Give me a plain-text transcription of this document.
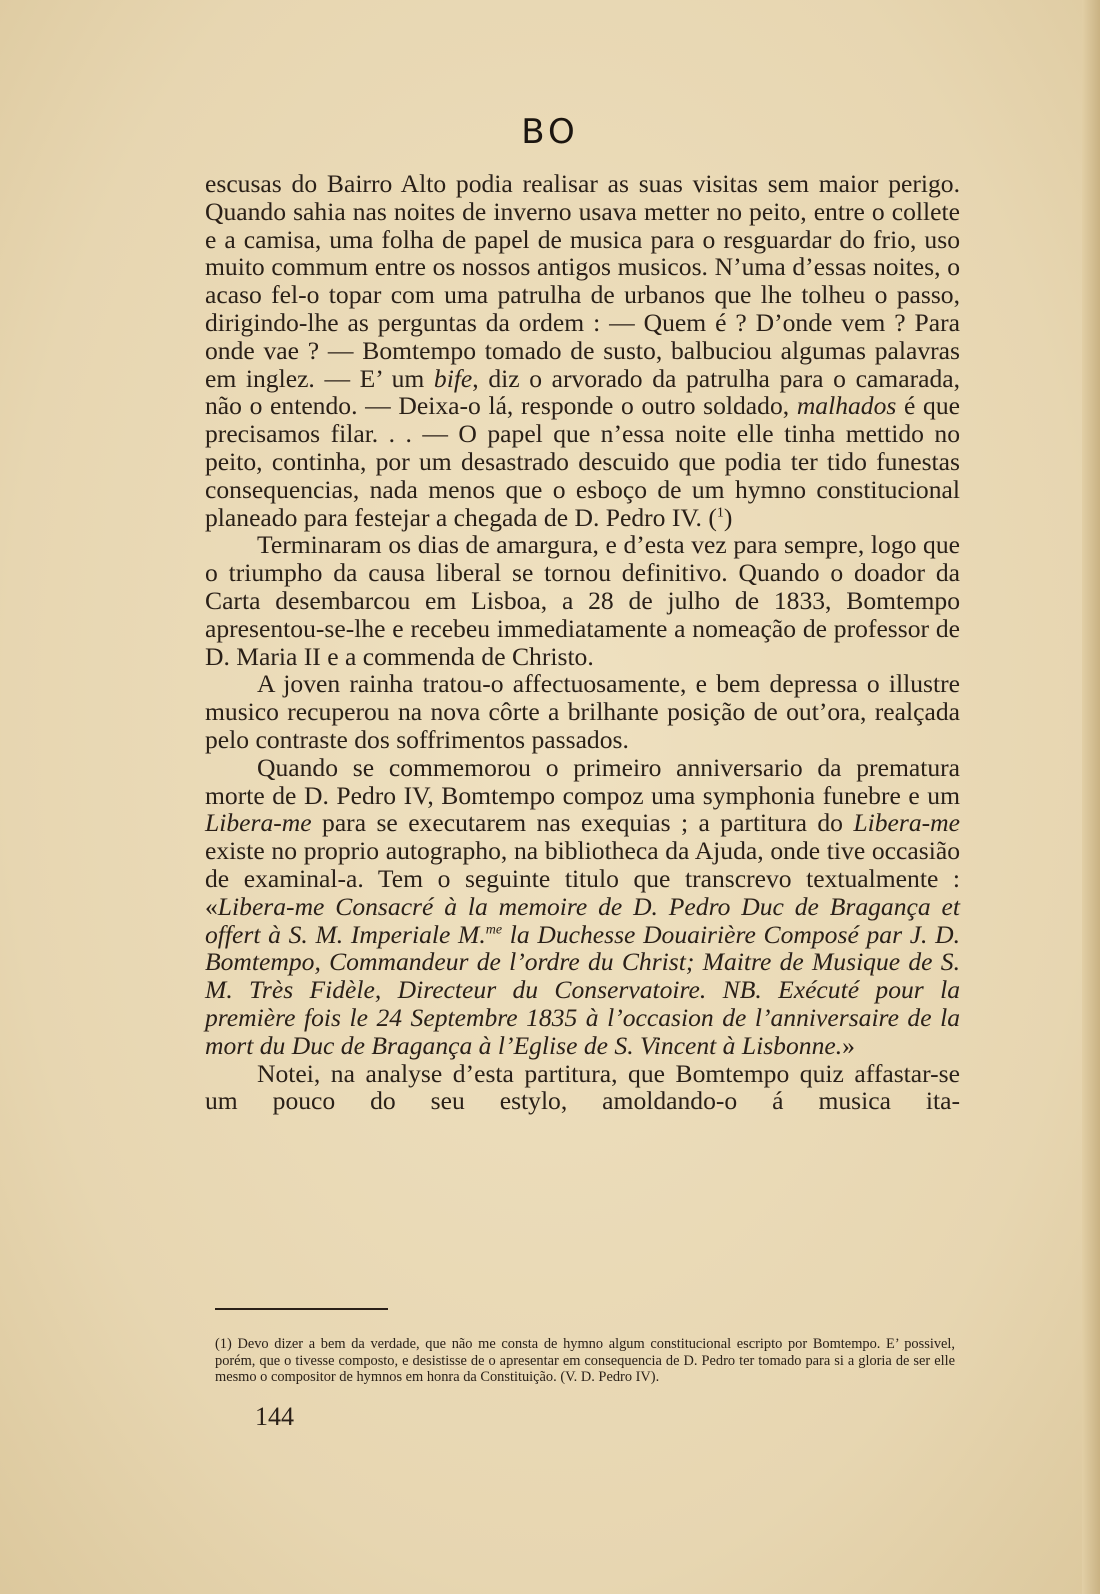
BO

escusas do Bairro Alto podia realisar as suas visitas sem maior perigo. Quando sahia nas noites de inverno usava metter no peito, entre o collete e a camisa, uma folha de papel de musica para o resguardar do frio, uso muito commum entre os nossos antigos musicos. N’uma d’essas noites, o acaso fel-o topar com uma patrulha de urbanos que lhe tolheu o passo, dirigindo-lhe as perguntas da ordem : — Quem é ? D’onde vem ? Para onde vae ? — Bomtempo tomado de susto, balbuciou algumas palavras em inglez. — E’ um bife, diz o arvorado da patrulha para o camarada, não o entendo. — Deixa-o lá, responde o outro soldado, malhados é que precisamos filar. . . — O papel que n’essa noite elle tinha mettido no peito, continha, por um desastrado descuido que podia ter tido funestas consequencias, nada menos que o esboço de um hymno constitucional planeado para festejar a chegada de D. Pedro IV. ($^1$)

Terminaram os dias de amargura, e d’esta vez para sempre, logo que o triumpho da causa liberal se tornou definitivo. Quando o doador da Carta desembarcou em Lisboa, a 28 de julho de 1833, Bomtempo apresentou-se-lhe e recebeu immediatamente a nomeação de professor de D. Maria II e a commenda de Christo.

A joven rainha tratou-o affectuosamente, e bem depressa o illustre musico recuperou na nova côrte a brilhante posição de out’ora, realçada pelo contraste dos soffrimentos passados.

Quando se commemorou o primeiro anniversario da prematura morte de D. Pedro IV, Bomtempo compoz uma symphonia funebre e um Libera-me para se executarem nas exequias ; a partitura do Libera-me existe no proprio autographo, na bibliotheca da Ajuda, onde tive occasião de examinal-a. Tem o seguinte titulo que transcrevo textualmente : «Libera-me Consacré à la memoire de D. Pedro Duc de Bragança et offert à S. M. Imperiale M.$^{me}$ la Duchesse Douairière Composé par J. D. Bomtempo, Commandeur de l’ordre du Christ; Maitre de Musique de S. M. Très Fidèle, Directeur du Conservatoire. NB. Exécuté pour la première fois le 24 Septembre 1835 à l’occasion de l’anniversaire de la mort du Duc de Bragança à l’Eglise de S. Vincent à Lisbonne.»

Notei, na analyse d’esta partitura, que Bomtempo quiz affastar-se um pouco do seu estylo, amoldando-o á musica ita-

(1) Devo dizer a bem da verdade, que não me consta de hymno algum constitucional escripto por Bomtempo. E’ possivel, porém, que o tivesse composto, e desistisse de o apresentar em consequencia de D. Pedro ter tomado para si a gloria de ser elle mesmo o compositor de hymnos em honra da Constituição. (V. D. Pedro IV).
144
